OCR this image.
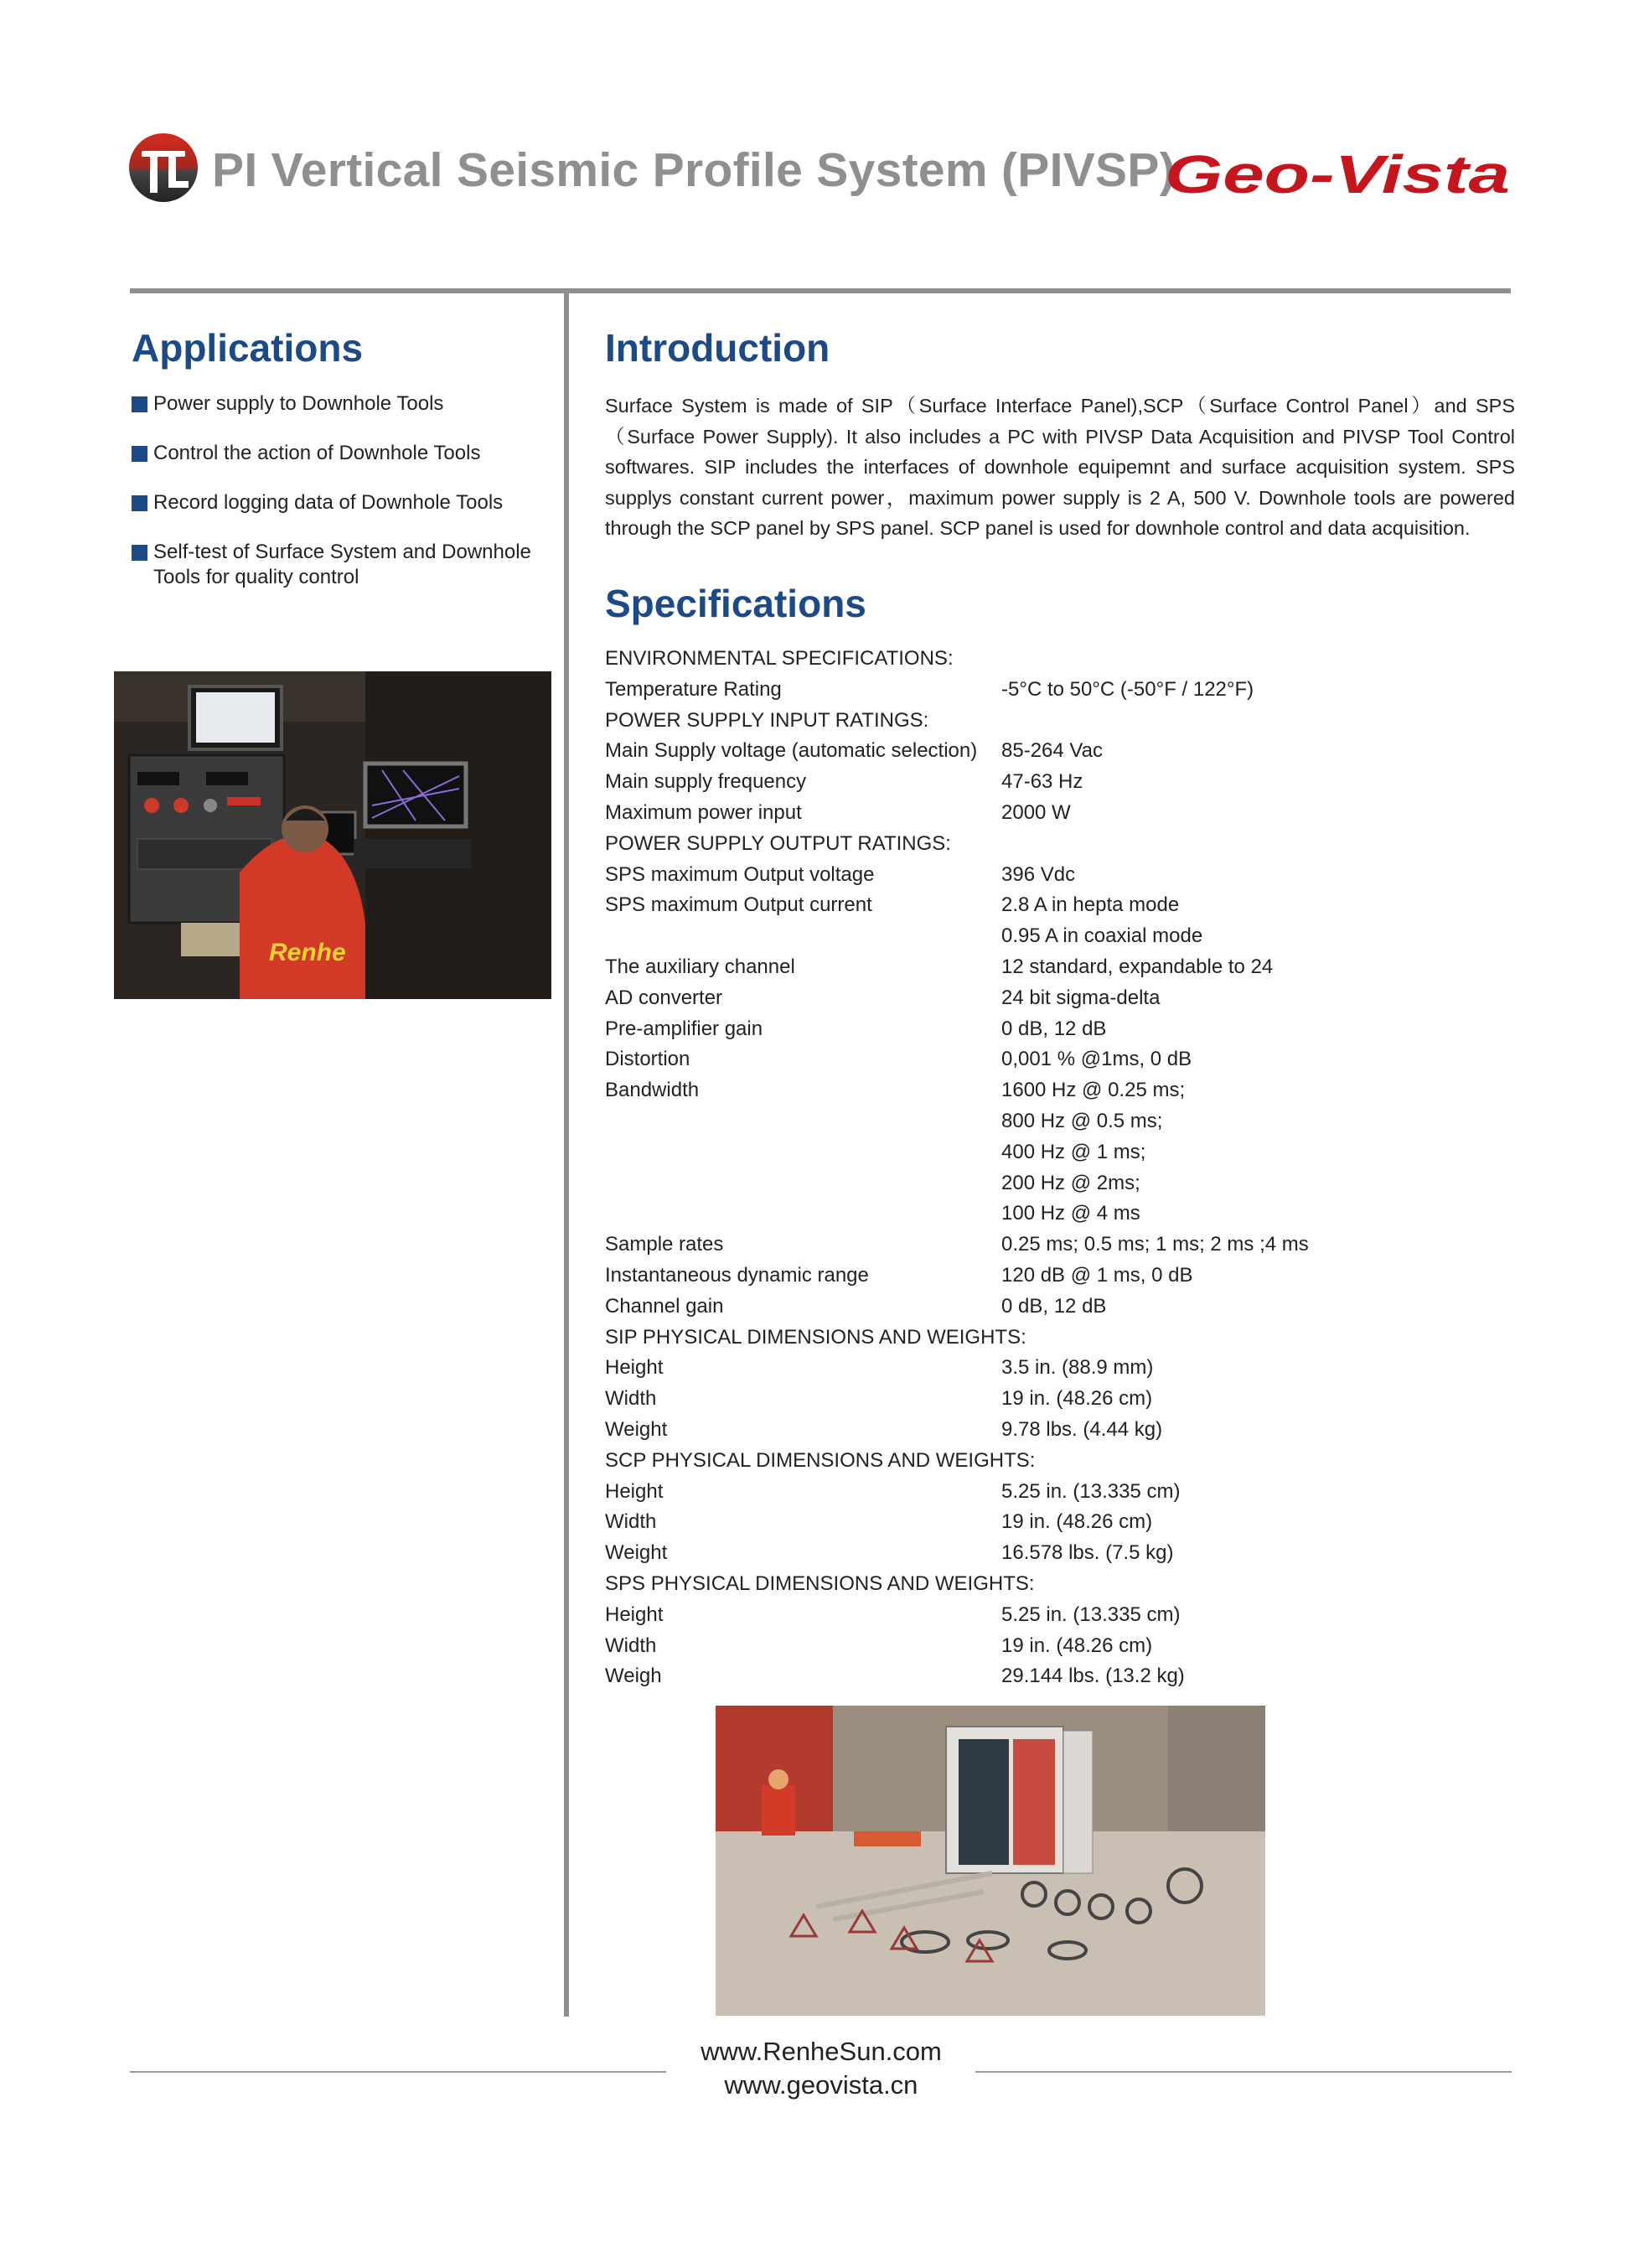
PI Vertical Seismic Profile System (PIVSP)
Geo-Vista
Applications
Power supply to Downhole Tools
Control the action of Downhole Tools
Record logging data of Downhole Tools
Self-test of Surface System and Downhole Tools for quality control
Renhe
Introduction
Surface System is made of SIP（Surface Interface Panel),SCP（Surface Control Panel）and SPS （Surface Power Supply). It also includes a PC with PIVSP Data Acquisition and PIVSP Tool Control softwares. SIP includes the interfaces of downhole equipemnt and surface acquisition system. SPS supplys constant current power，maximum power supply is 2 A, 500 V. Downhole tools are powered through the SCP panel by SPS panel. SCP panel is used for downhole control and data acquisition.
Specifications
ENVIRONMENTAL SPECIFICATIONS:
Temperature Rating	-5°C to 50°C (-50°F / 122°F)
POWER SUPPLY INPUT RATINGS:
Main Supply voltage (automatic selection) 85-264 Vac
Main supply frequency	47-63 Hz
Maximum power input	2000 W
POWER SUPPLY OUTPUT RATINGS:
SPS maximum Output voltage	396 Vdc
SPS maximum Output current	2.8 A in hepta mode
0.95 A in coaxial mode
The auxiliary channel	12 standard, expandable to 24
AD converter	24 bit sigma-delta
Pre-amplifier gain	0 dB, 12 dB
Distortion	0,001 % @1ms, 0 dB
Bandwidth	1600 Hz @ 0.25 ms;
800 Hz @ 0.5 ms;
400 Hz @ 1 ms;
200 Hz @ 2ms;
100 Hz @ 4 ms
Sample rates	0.25 ms; 0.5 ms; 1 ms; 2 ms ;4 ms
Instantaneous dynamic range	120 dB @ 1 ms, 0 dB
Channel gain	0 dB, 12 dB
SIP PHYSICAL DIMENSIONS AND WEIGHTS:
Height	3.5 in. (88.9 mm)
Width	19 in. (48.26 cm)
Weight	9.78 lbs. (4.44 kg)
SCP PHYSICAL DIMENSIONS AND WEIGHTS:
Height	5.25 in. (13.335 cm)
Width	19 in. (48.26 cm)
Weight	16.578 lbs. (7.5 kg)
SPS PHYSICAL DIMENSIONS AND WEIGHTS:
Height	5.25 in. (13.335 cm)
Width	19 in. (48.26 cm)
Weigh	29.144 lbs. (13.2 kg)
www.RenheSun.com
www.geovista.cn
